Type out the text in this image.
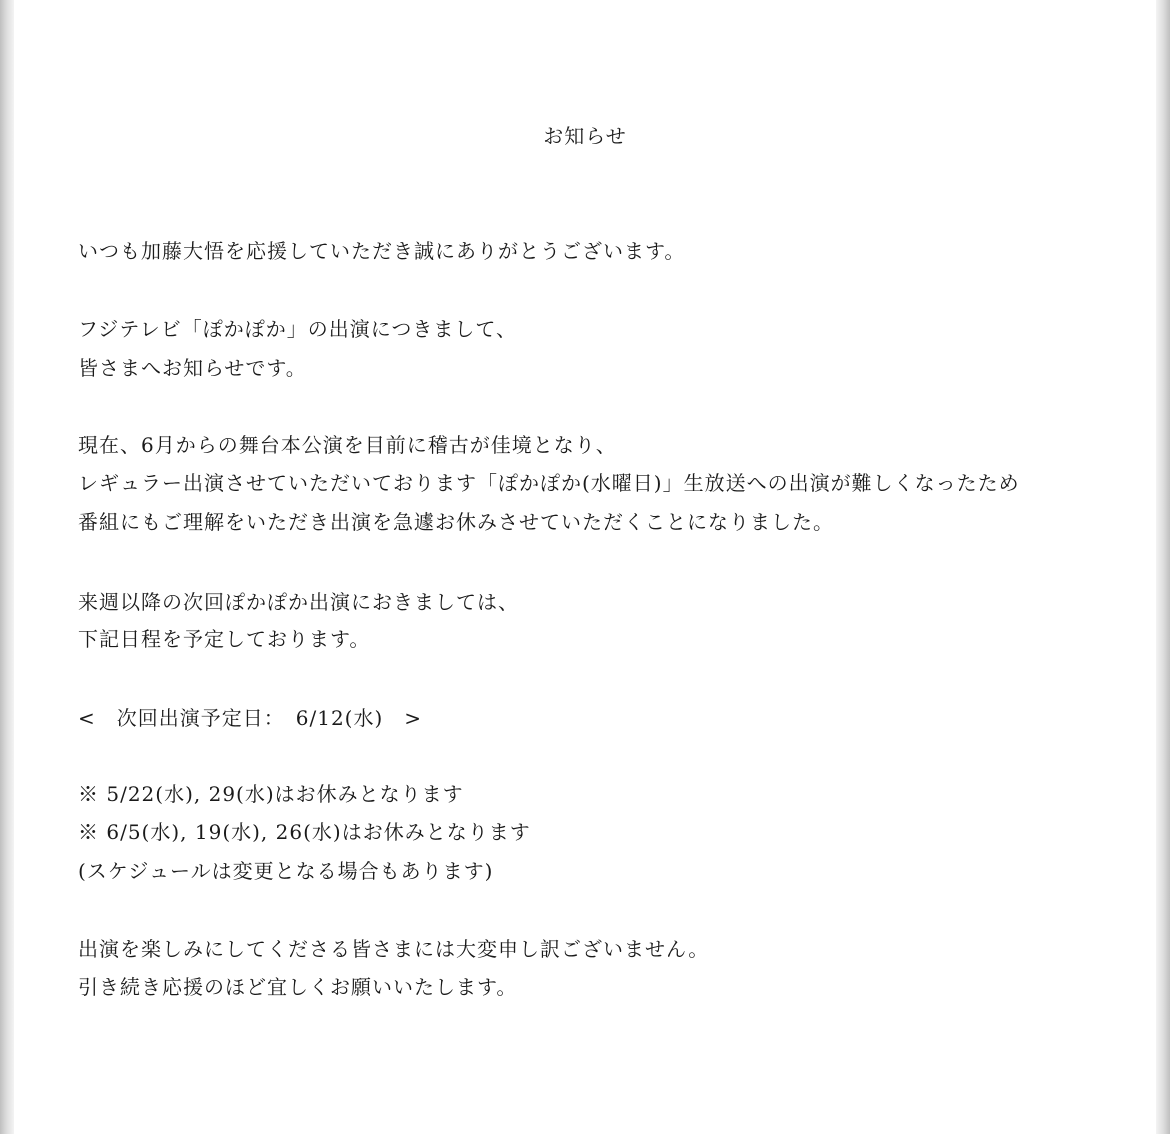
お知らせ
いつも加藤大悟を応援していただき誠にありがとうございます。
フジテレビ「ぽかぽか」の出演につきまして、
皆さまへお知らせです。
現在、6月からの舞台本公演を目前に稽古が佳境となり、
レギュラー出演させていただいております「ぽかぽか(水曜日)」生放送への出演が難しくなったため
番組にもご理解をいただき出演を急遽お休みさせていただくことになりました。
来週以降の次回ぽかぽか出演におきましては、
下記日程を予定しております。
<　次回出演予定日：　6/12(水)　>
※ 5/22(水), 29(水)はお休みとなります
※ 6/5(水), 19(水), 26(水)はお休みとなります
(スケジュールは変更となる場合もあります)
出演を楽しみにしてくださる皆さまには大変申し訳ございません。
引き続き応援のほど宜しくお願いいたします。
